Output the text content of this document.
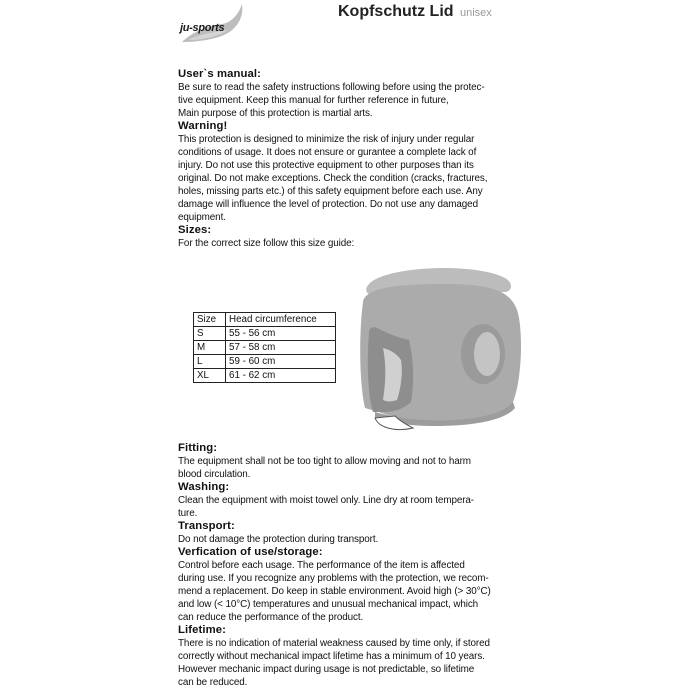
ju-sports
Kopfschutz Lid unisex
User`s manual:
Be sure to read the safety instructions following before using the protec-
tive equipment. Keep this manual for further reference in future,
Main purpose of this protection is martial arts.
Warning!
This protection is designed to minimize the risk of injury under regular
conditions of usage. It does not ensure or gurantee a complete lack of
injury. Do not use this protective equipment to other purposes than its
original. Do not make exceptions. Check the condition (cracks, fractures,
holes, missing parts etc.) of this safety equipment before each use. Any
damage will influence the level of protection. Do not use any damaged
equipment.
Sizes:
For the correct size follow this size guide:
Size	Head circumference
S	55 - 56 cm
M	57 - 58 cm
L	59 - 60 cm
XL	61 - 62 cm
Fitting:
The equipment shall not be too tight to allow moving and not to harm
blood circulation.
Washing:
Clean the equipment with moist towel only. Line dry at room tempera-
ture.
Transport:
Do not damage the protection during transport.
Verfication of use/storage:
Control before each usage. The performance of the item is affected
during use. If you recognize any problems with the protection, we recom-
mend a replacement. Do keep in stable environment. Avoid high (> 30°C)
and low (< 10°C) temperatures and unusual mechanical impact, which
can reduce the performance of the product.
Lifetime:
There is no indication of material weakness caused by time only, if stored
correctly without mechanical impact lifetime has a minimum of 10 years.
However mechanic impact during usage is not predictable, so lifetime
can be reduced.
